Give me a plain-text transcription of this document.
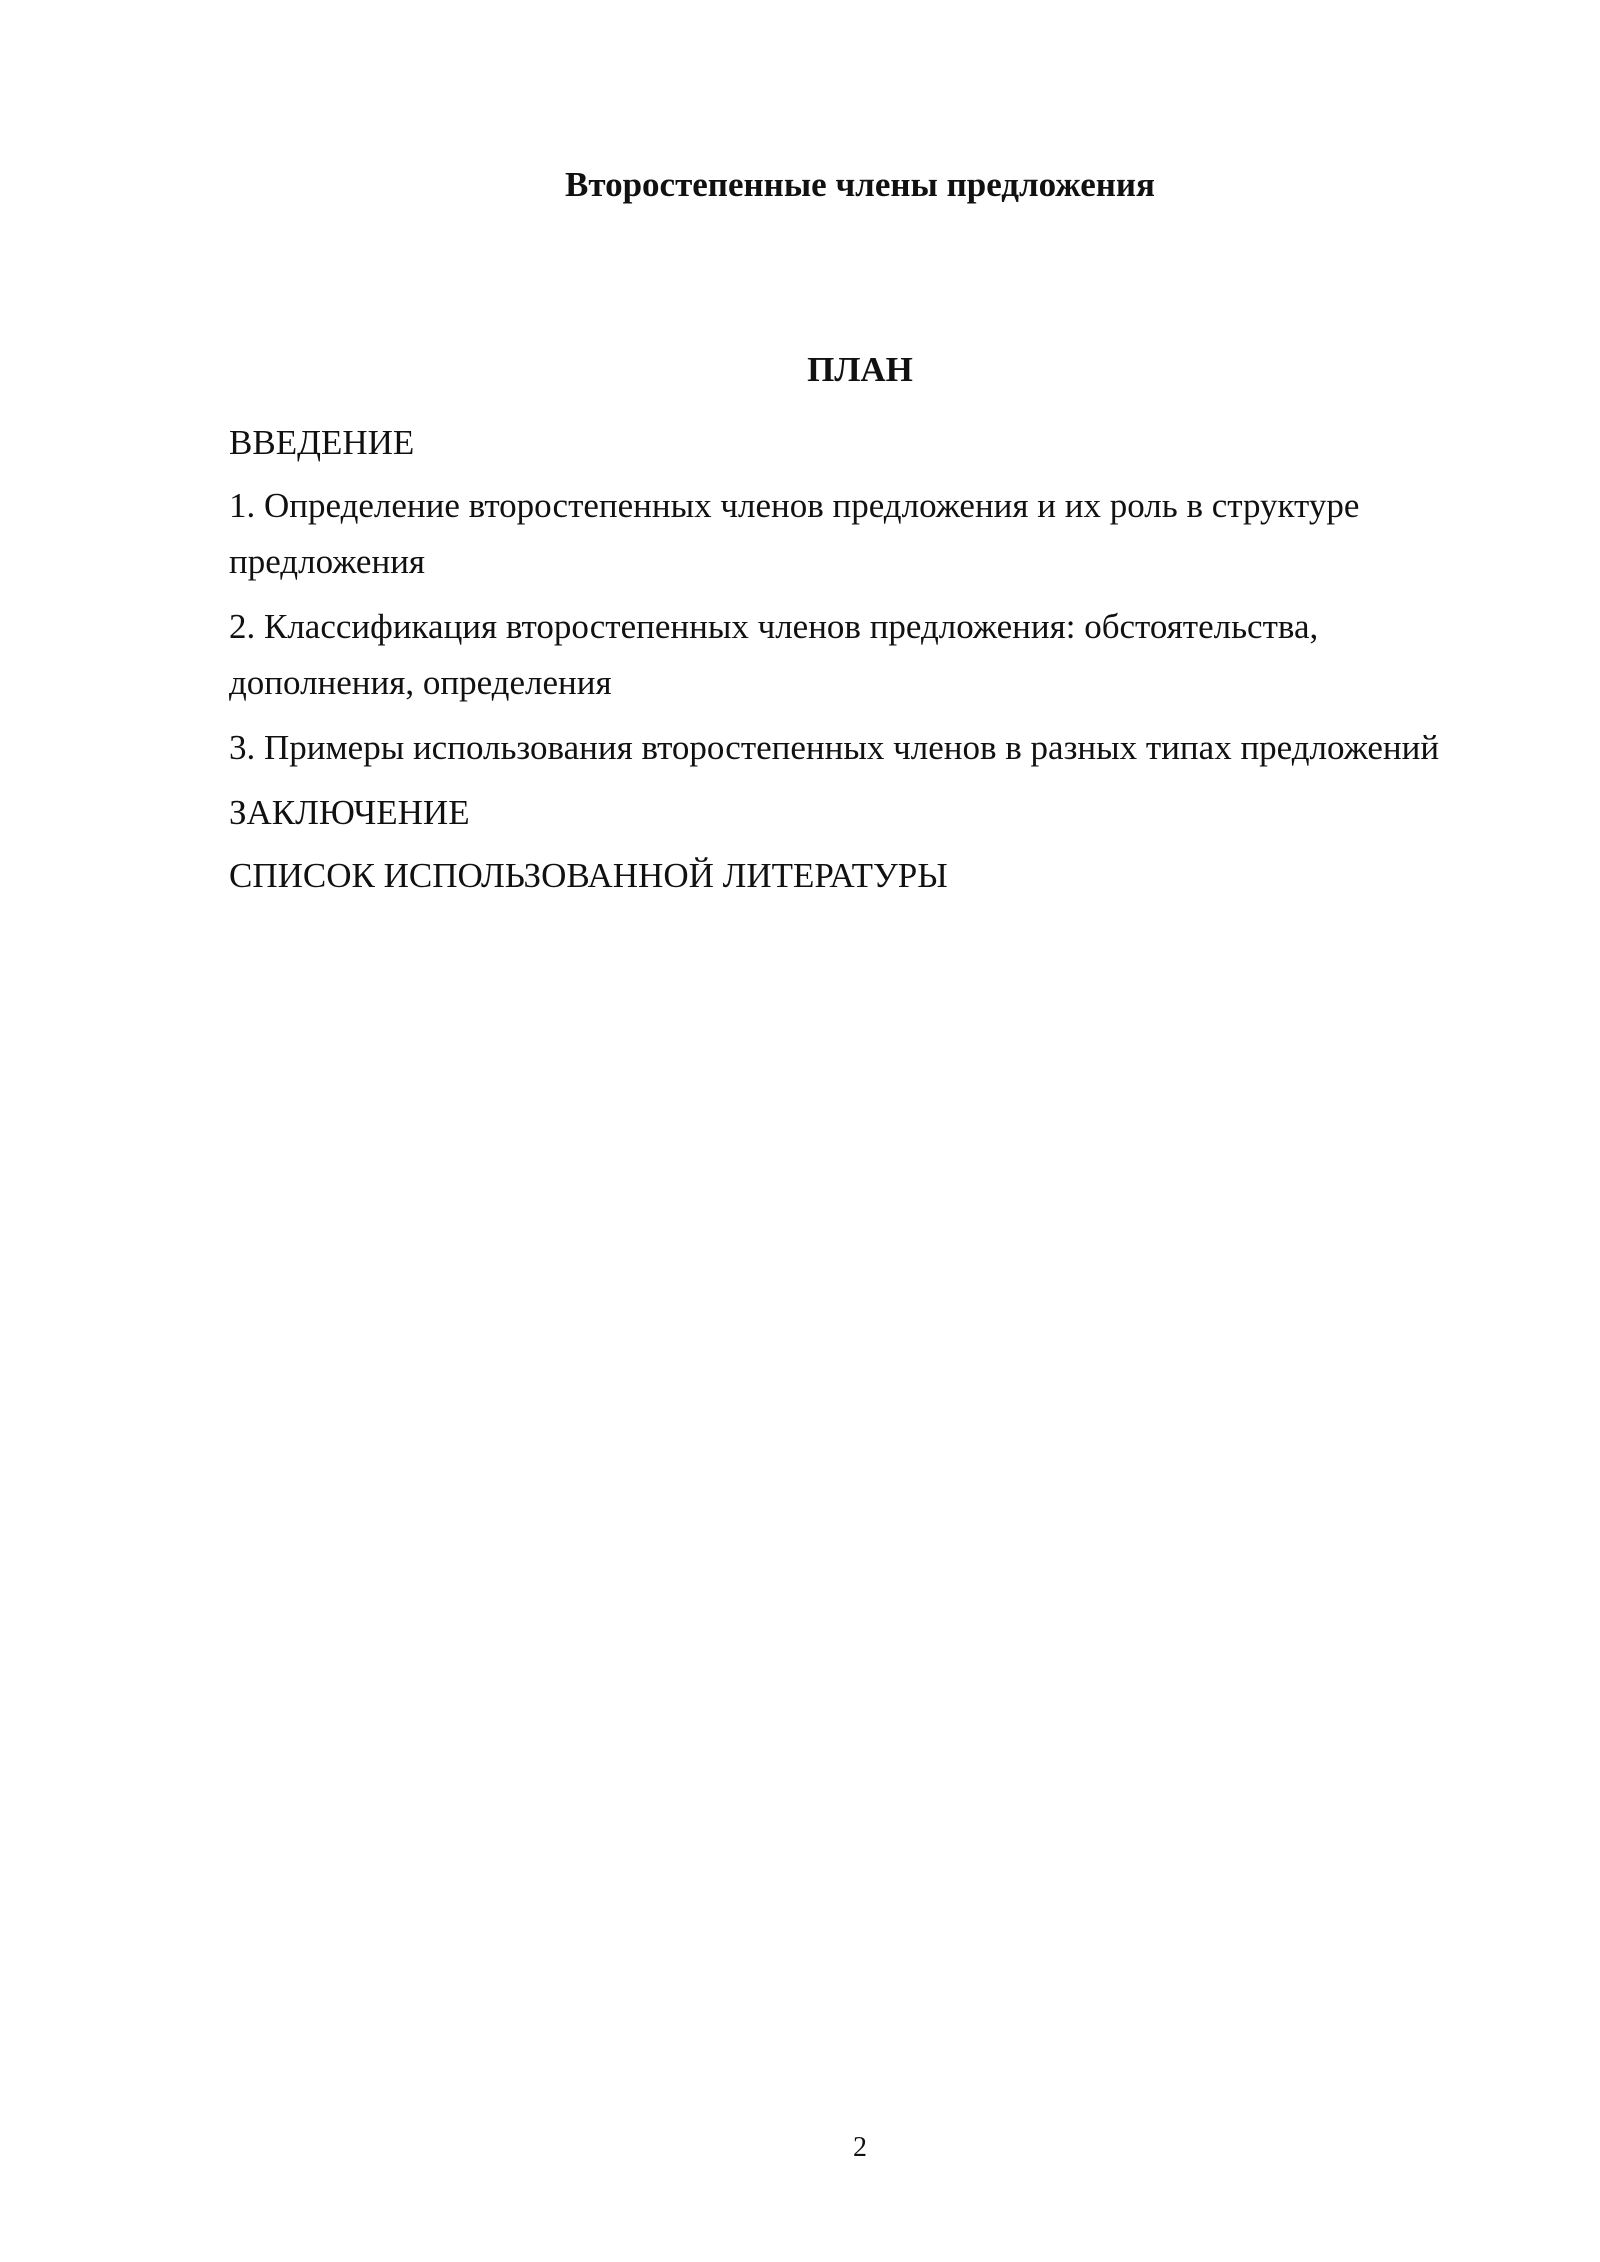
Второстепенные члены предложения
ПЛАН
ВВЕДЕНИЕ
1. Определение второстепенных членов предложения и их роль в структуре предложения
2. Классификация второстепенных членов предложения: обстоятельства, дополнения, определения
3. Примеры использования второстепенных членов в разных типах предложений
ЗАКЛЮЧЕНИЕ
СПИСОК ИСПОЛЬЗОВАННОЙ ЛИТЕРАТУРЫ
2
